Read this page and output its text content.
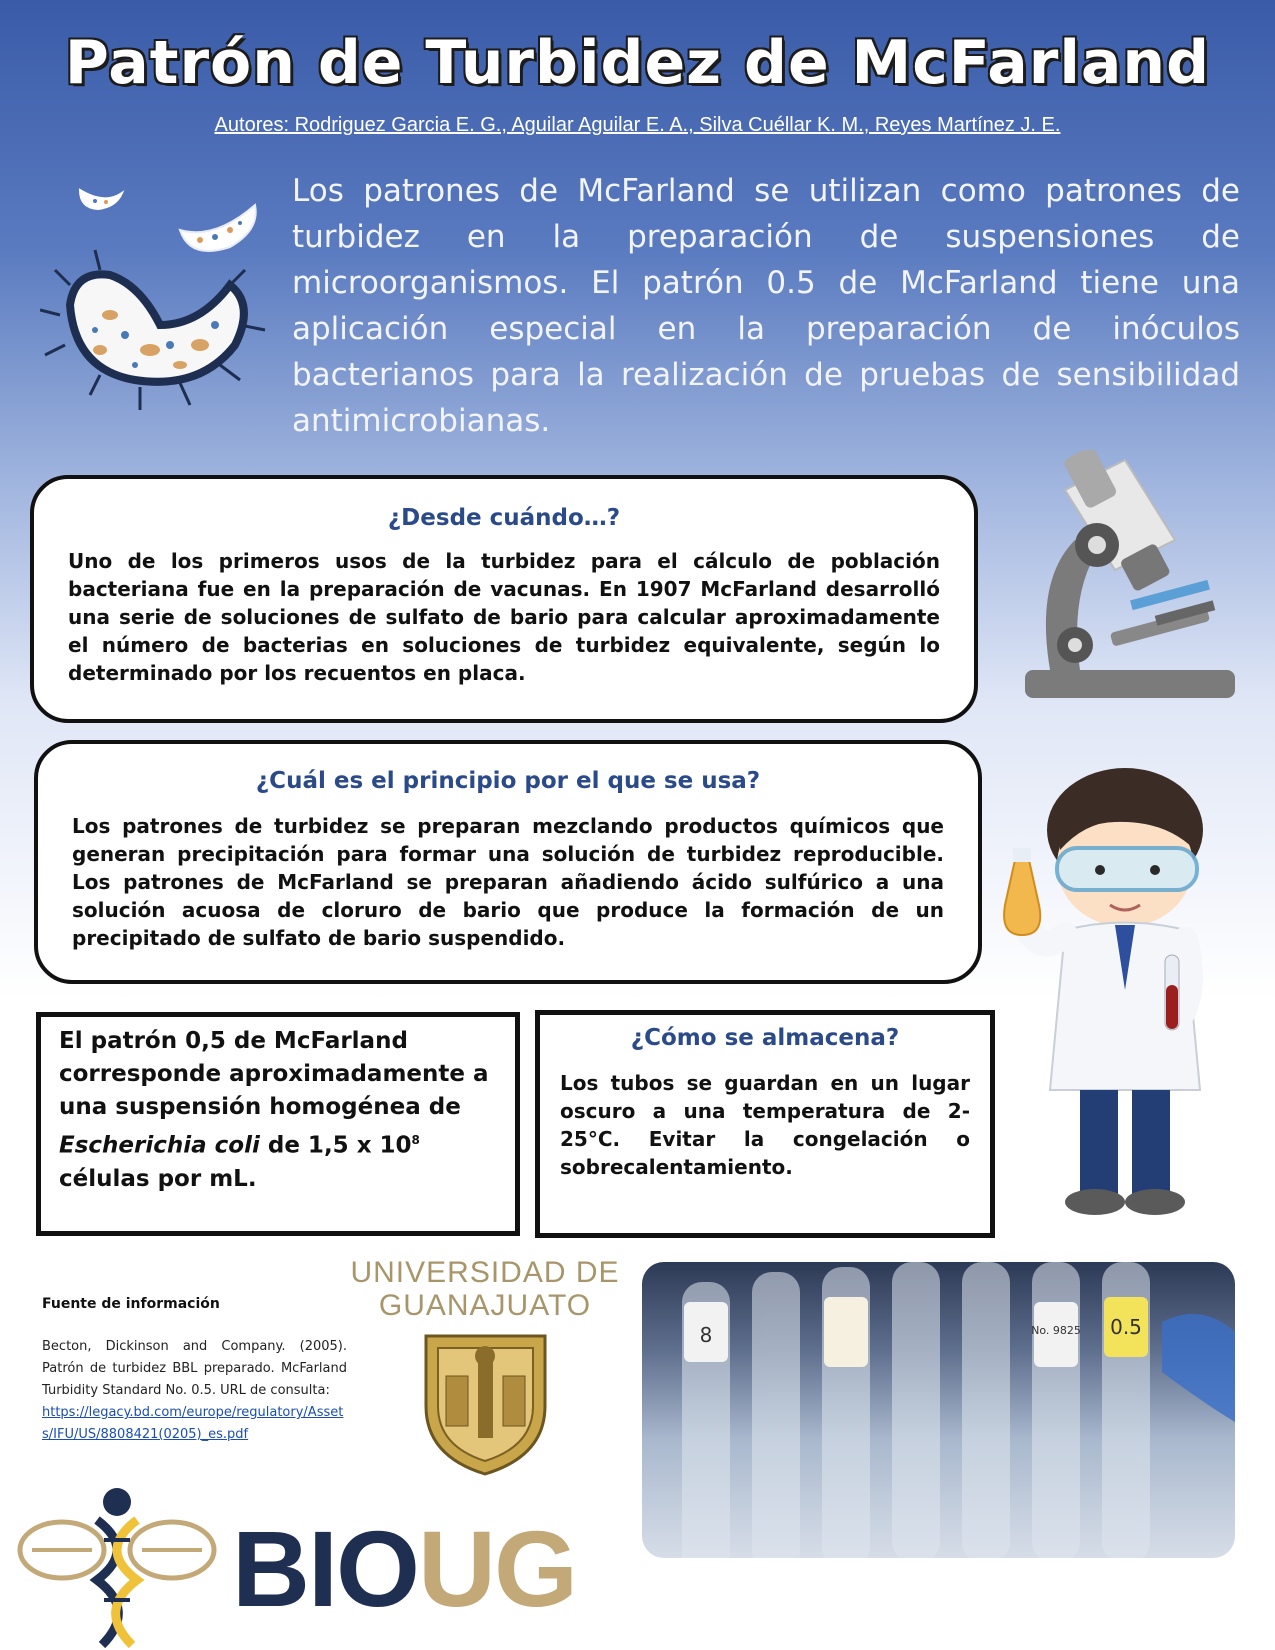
Patrón de Turbidez de McFarland
Autores: Rodriguez Garcia E. G., Aguilar Aguilar E. A., Silva Cuéllar K. M., Reyes Martínez J. E.
Los patrones de McFarland se utilizan como patrones de turbidez en la preparación de suspensiones de microorganismos. El patrón 0.5 de McFarland tiene una aplicación especial en la preparación de inóculos bacterianos para la realización de pruebas de sensibilidad antimicrobianas.
¿Desde cuándo…?

Uno de los primeros usos de la turbidez para el cálculo de población bacteriana fue en la preparación de vacunas. En 1907 McFarland desarrolló una serie de soluciones de sulfato de bario para calcular aproximadamente el número de bacterias en soluciones de turbidez equivalente, según lo determinado por los recuentos en placa.

¿Cuál es el principio por el que se usa?

Los patrones de turbidez se preparan mezclando productos químicos que generan precipitación para formar una solución de turbidez reproducible. Los patrones de McFarland se preparan añadiendo ácido sulfúrico a una solución acuosa de cloruro de bario que produce la formación de un precipitado de sulfato de bario suspendido.

El patrón 0,5 de McFarland corresponde aproximadamente a una suspensión homogénea de Escherichia coli de 1,5 x $10^8$ células por mL.

¿Cómo se almacena?

Los tubos se guardan en un lugar oscuro a una temperatura de 2-25°C. Evitar la congelación o sobrecalentamiento.

Fuente de información
Becton, Dickinson and Company. (2005). Patrón de turbidez BBL preparado. McFarland Turbidity Standard No. 0.5. URL de consulta:
https://legacy.bd.com/europe/regulatory/Assets/IFU/US/8808421(0205)_es.pdf
UNIVERSIDAD DE
GUANAJUATO
8	No. 9825 0.5
BIOUG
